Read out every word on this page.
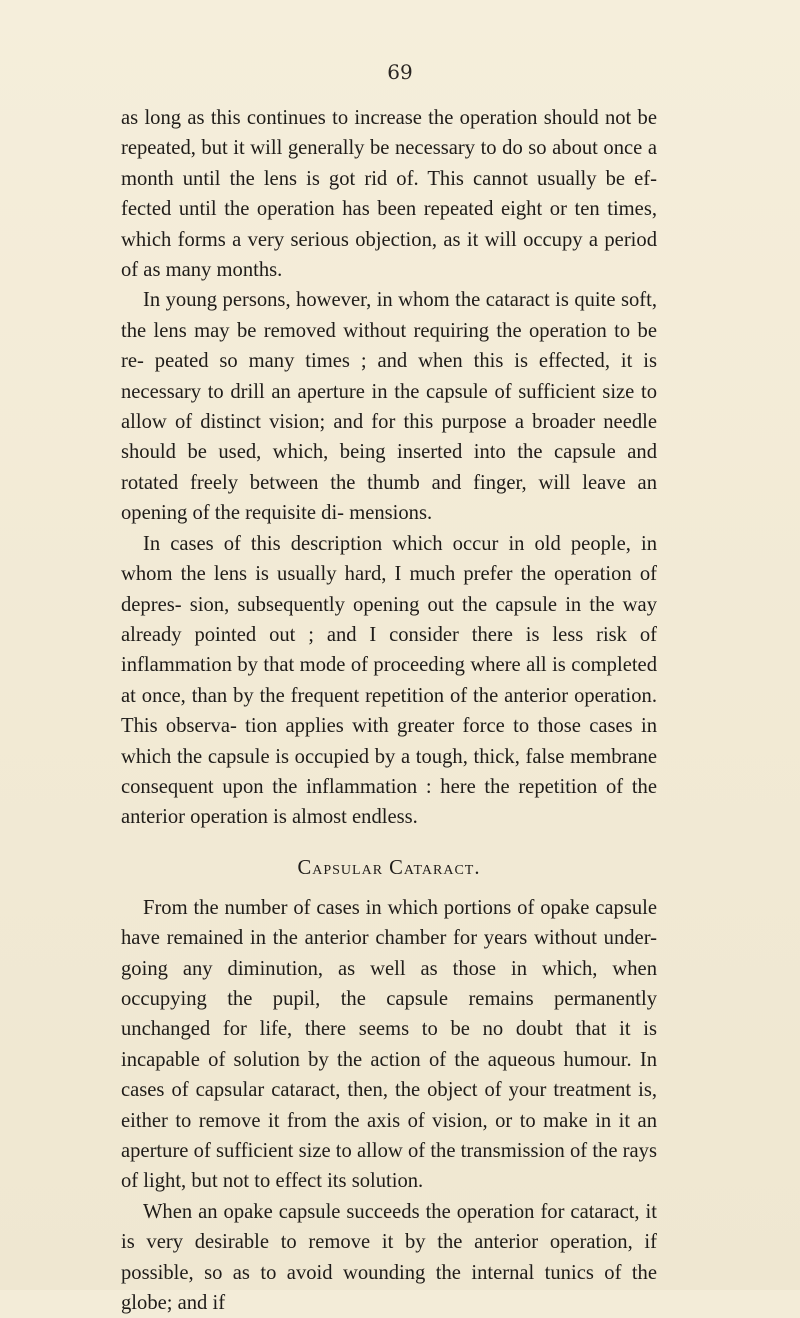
69

as long as this continues to increase the operation should not be repeated, but it will generally be necessary to do so about once a month until the lens is got rid of. This cannot usually be ef- fected until the operation has been repeated eight or ten times, which forms a very serious objection, as it will occupy a period of as many months.

In young persons, however, in whom the cataract is quite soft, the lens may be removed without requiring the operation to be re- peated so many times ; and when this is effected, it is necessary to drill an aperture in the capsule of sufficient size to allow of distinct vision; and for this purpose a broader needle should be used, which, being inserted into the capsule and rotated freely between the thumb and finger, will leave an opening of the requisite di- mensions.

In cases of this description which occur in old people, in whom the lens is usually hard, I much prefer the operation of depres- sion, subsequently opening out the capsule in the way already pointed out ; and I consider there is less risk of inflammation by that mode of proceeding where all is completed at once, than by the frequent repetition of the anterior operation. This observa- tion applies with greater force to those cases in which the capsule is occupied by a tough, thick, false membrane consequent upon the inflammation : here the repetition of the anterior operation is almost endless.

Capsular Cataract.

From the number of cases in which portions of opake capsule have remained in the anterior chamber for years without under- going any diminution, as well as those in which, when occupying the pupil, the capsule remains permanently unchanged for life, there seems to be no doubt that it is incapable of solution by the action of the aqueous humour. In cases of capsular cataract, then, the object of your treatment is, either to remove it from the axis of vision, or to make in it an aperture of sufficient size to allow of the transmission of the rays of light, but not to effect its solution.

When an opake capsule succeeds the operation for cataract, it is very desirable to remove it by the anterior operation, if possible, so as to avoid wounding the internal tunics of the globe; and if
